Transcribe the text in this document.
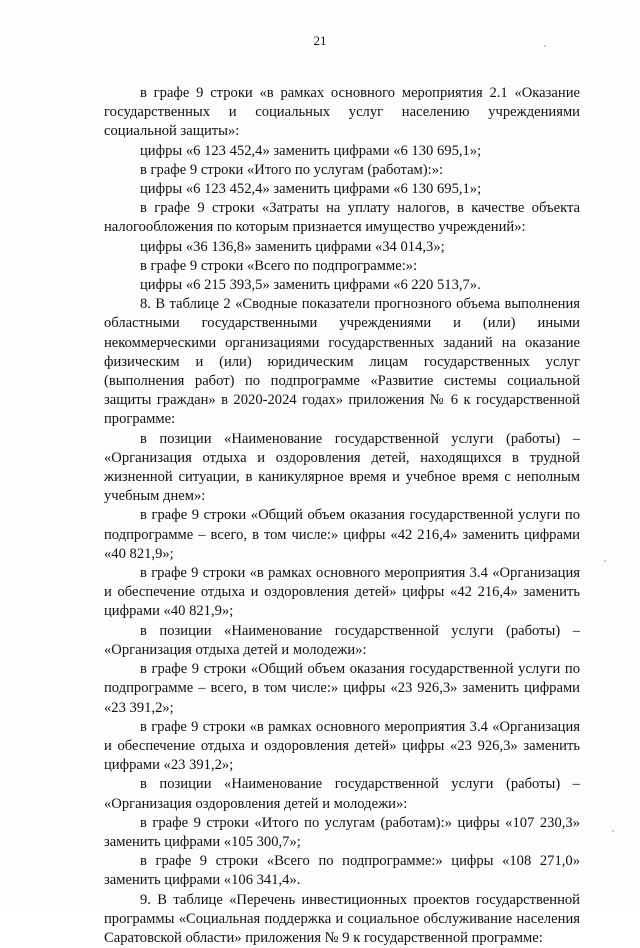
21

в графе 9 строки «в рамках основного мероприятия 2.1 «Оказание государственных и социальных услуг населению учреждениями социальной защиты»:

цифры «6 123 452,4» заменить цифрами «6 130 695,1»;

в графе 9 строки «Итого по услугам (работам):»:

цифры «6 123 452,4» заменить цифрами «6 130 695,1»;

в графе 9 строки «Затраты на уплату налогов, в качестве объекта налогообложения по которым признается имущество учреждений»:

цифры «36 136,8» заменить цифрами «34 014,3»;

в графе 9 строки «Всего по подпрограмме:»:

цифры «6 215 393,5» заменить цифрами «6 220 513,7».

8. В таблице 2 «Сводные показатели прогнозного объема выполнения областными государственными учреждениями и (или) иными некоммерческими организациями государственных заданий на оказание физическим и (или) юридическим лицам государственных услуг (выполнения работ) по подпрограмме «Развитие системы социальной защиты граждан» в 2020-2024 годах» приложения № 6 к государственной программе:

в позиции «Наименование государственной услуги (работы) – «Организация отдыха и оздоровления детей, находящихся в трудной жизненной ситуации, в каникулярное время и учебное время с неполным учебным днем»:

в графе 9 строки «Общий объем оказания государственной услуги по подпрограмме – всего, в том числе:» цифры «42 216,4» заменить цифрами «40 821,9»;

в графе 9 строки «в рамках основного мероприятия 3.4 «Организация и обеспечение отдыха и оздоровления детей» цифры «42 216,4» заменить цифрами «40 821,9»;

в позиции «Наименование государственной услуги (работы) – «Организация отдыха детей и молодежи»:

в графе 9 строки «Общий объем оказания государственной услуги по подпрограмме – всего, в том числе:» цифры «23 926,3» заменить цифрами «23 391,2»;

в графе 9 строки «в рамках основного мероприятия 3.4 «Организация и обеспечение отдыха и оздоровления детей» цифры «23 926,3» заменить цифрами «23 391,2»;

в позиции «Наименование государственной услуги (работы) – «Организация оздоровления детей и молодежи»:

в графе 9 строки «Итого по услугам (работам):» цифры «107 230,3» заменить цифрами «105 300,7»;

в графе 9 строки «Всего по подпрограмме:» цифры «108 271,0» заменить цифрами «106 341,4».

9. В таблице «Перечень инвестиционных проектов государственной программы «Социальная поддержка и социальное обслуживание населения Саратовской области» приложения № 9 к государственной программе:
